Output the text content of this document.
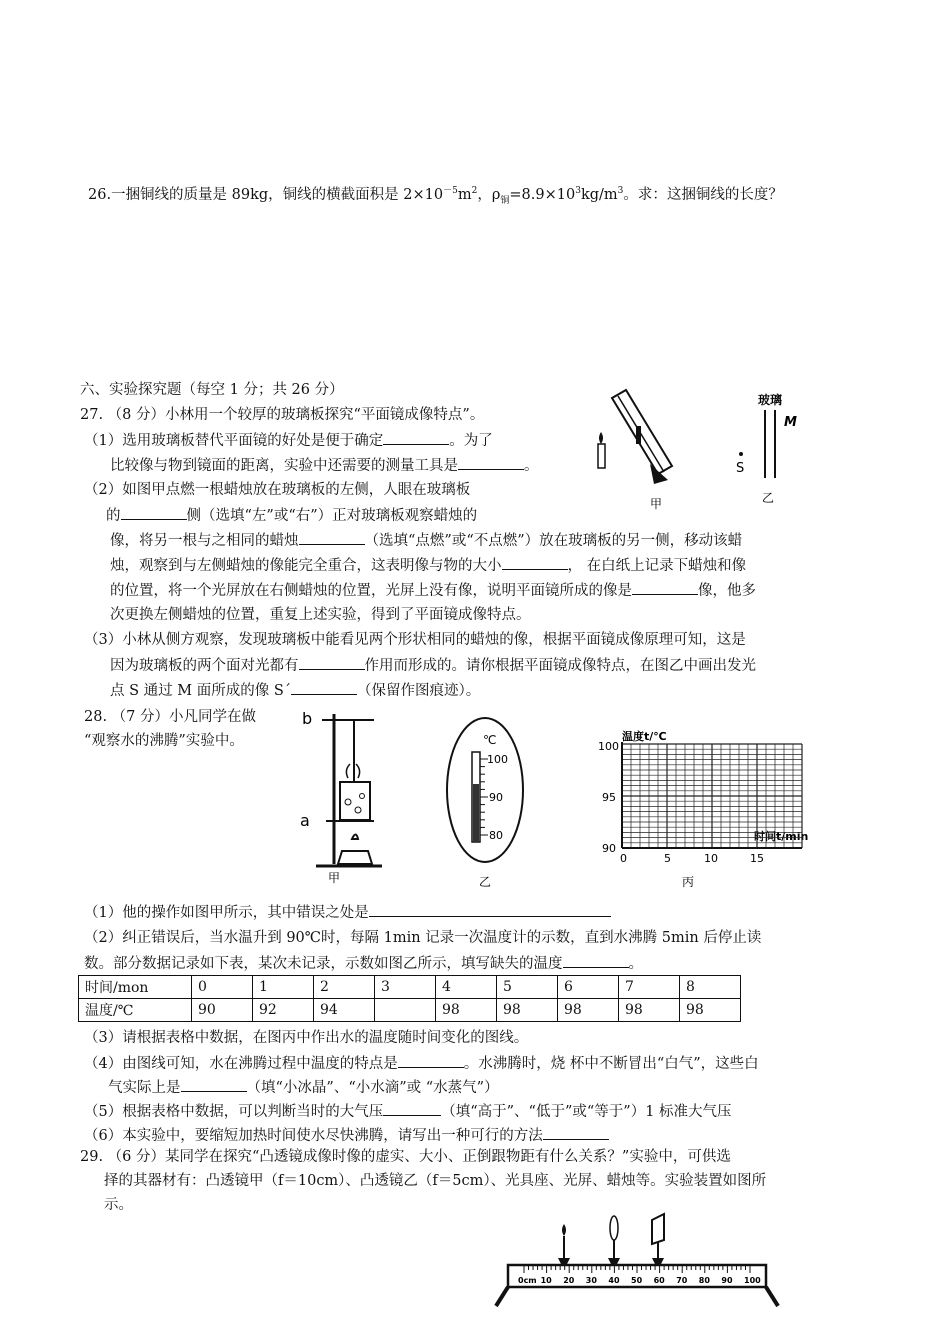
26.一捆铜线的质量是 89kg，铜线的横截面积是 $2\times 10^{-5}m^2$，$\rho_铜=8.9\times 10^3kg/m^3$。求：这捆铜线的长度？
六、实验探究题（每空 1 分；共 26 分）
27. （8 分）小林用一个较厚的玻璃板探究“平面镜成像特点”。
（1）选用玻璃板替代平面镜的好处是便于确定	。为了
比较像与物到镜面的距离，实验中还需要的测量工具是	。
（2）如图甲点燃一根蜡烛放在玻璃板的左侧，人眼在玻璃板
的	侧（选填“左”或“右”）正对玻璃板观察蜡烛的
像，将另一根与之相同的蜡烛	（选填“点燃”或“不点燃”）放在玻璃板的另一侧，移动该蜡
烛，观察到与左侧蜡烛的像能完全重合，这表明像与物的大小	， 在白纸上记录下蜡烛和像
的位置，将一个光屏放在右侧蜡烛的位置，光屏上没有像，说明平面镜所成的像是	像，他多
次更换左侧蜡烛的位置，重复上述实验，得到了平面镜成像特点。
（3）小林从侧方观察，发现玻璃板中能看见两个形状相同的蜡烛的像，根据平面镜成像原理可知，这是
因为玻璃板的两个面对光都有	作用而形成的。请你根据平面镜成像特点，在图乙中画出发光
点 S 通过 M 面所成的像 S´	（保留作图痕迹）。
甲
玻璃
M
S
乙
28. （7 分）小凡同学在做
“观察水的沸腾”实验中。
b
a
甲
℃
100
90
80
乙
温度t/℃
时间t/min
100
95
90
0	5	10	15
丙
（1）他的操作如图甲所示，其中错误之处是
（2）纠正错误后，当水温升到 90℃时，每隔 1min 记录一次温度计的示数，直到水沸腾 5min 后停止读
数。部分数据记录如下表，某次未记录，示数如图乙所示，填写缺失的温度	。
时间/mon	0	1	2	3	4	5	6	7	8
温度/℃	90	92	94		98	98	98	98	98
（3）请根据表格中数据，在图丙中作出水的温度随时间变化的图线。
（4）由图线可知，水在沸腾过程中温度的特点是	。水沸腾时，烧 杯中不断冒出“白气”，这些白
气实际上是	（填“小冰晶”、“小水滴”或 “水蒸气”）
（5）根据表格中数据，可以判断当时的大气压	（填“高于”、“低于”或“等于”）1 标准大气压
（6）本实验中，要缩短加热时间使水尽快沸腾，请写出一种可行的方法
29. （6 分）某同学在探究“凸透镜成像时像的虚实、大小、正倒跟物距有什么关系？”实验中，可供选
择的其器材有：凸透镜甲（f＝10cm）、凸透镜乙（f＝5cm）、光具座、光屏、蜡烛等。实验装置如图所
示。
0cm 10 20 30 40 50 60 70 80 90 100
